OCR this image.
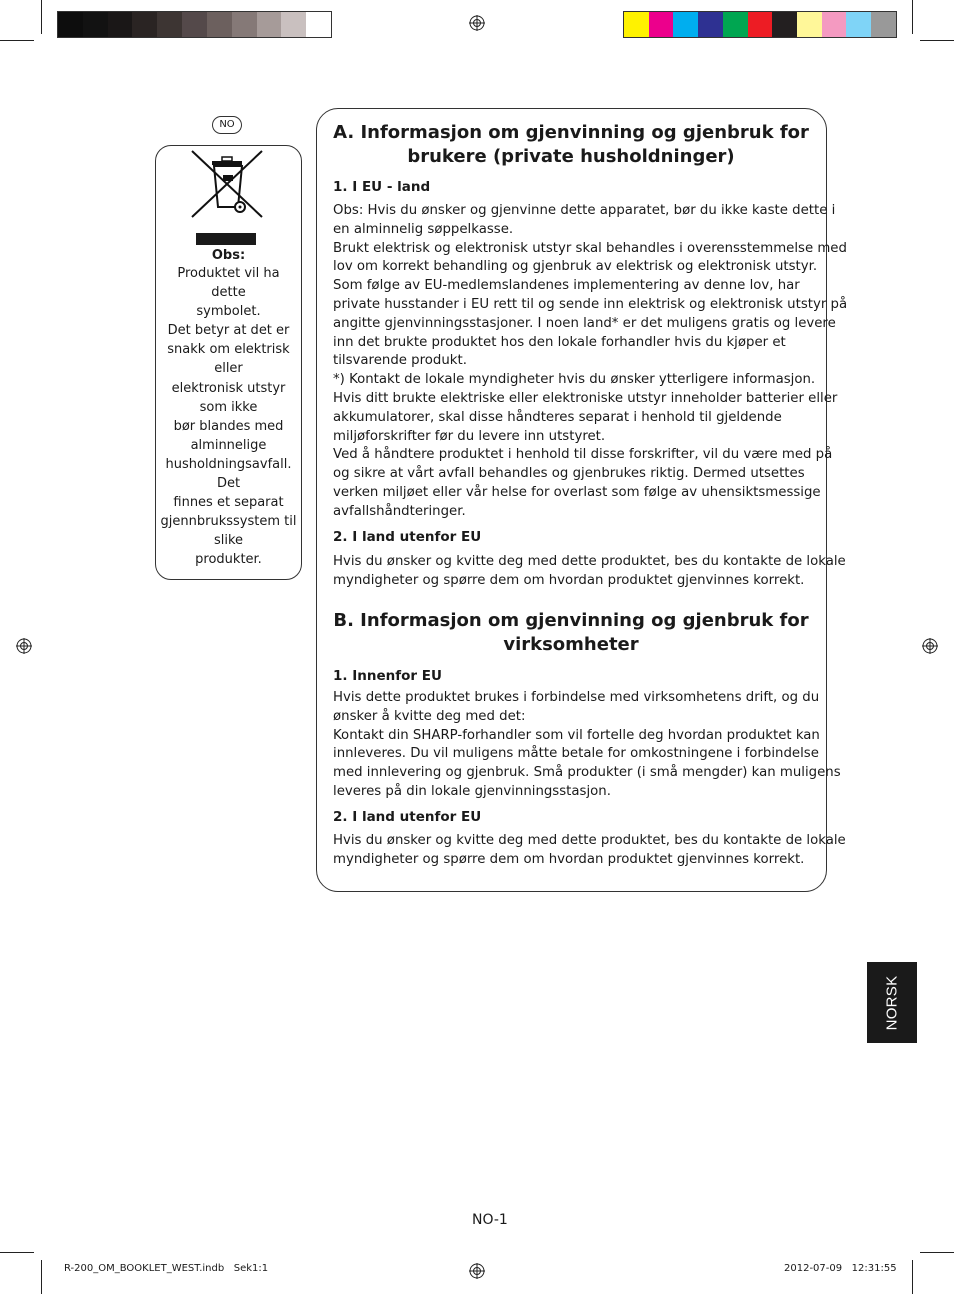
NO
Obs:
Produktet vil ha
dette
symbolet.
Det betyr at det er
snakk om elektrisk
eller
elektronisk utstyr
som ikke
bør blandes med
alminnelige
husholdningsavfall.
Det
finnes et separat
gjennbrukssystem til
slike
produkter.
A. Informasjon om gjenvinning og gjenbruk for
brukere (private husholdninger)
1. I EU - land
Obs: Hvis du ønsker og gjenvinne dette apparatet, bør du ikke kaste dette i
en alminnelig søppelkasse.
Brukt elektrisk og elektronisk utstyr skal behandles i overensstemmelse med
lov om korrekt behandling og gjenbruk av elektrisk og elektronisk utstyr.
Som følge av EU-medlemslandenes implementering av denne lov, har
private husstander i EU rett til og sende inn elektrisk og elektronisk utstyr på
angitte gjenvinningsstasjoner. I noen land* er det muligens gratis og levere
inn det brukte produktet hos den lokale forhandler hvis du kjøper et
tilsvarende produkt.
*) Kontakt de lokale myndigheter hvis du ønsker ytterligere informasjon.
Hvis ditt brukte elektriske eller elektroniske utstyr inneholder batterier eller
akkumulatorer, skal disse håndteres separat i henhold til gjeldende
miljøforskrifter før du levere inn utstyret.
Ved å håndtere produktet i henhold til disse forskrifter, vil du være med på
og sikre at vårt avfall behandles og gjenbrukes riktig. Dermed utsettes
verken miljøet eller vår helse for overlast som følge av uhensiktsmessige
avfallshåndteringer.
2. I land utenfor EU
Hvis du ønsker og kvitte deg med dette produktet, bes du kontakte de lokale
myndigheter og spørre dem om hvordan produktet gjenvinnes korrekt.
B. Informasjon om gjenvinning og gjenbruk for
virksomheter
1. Innenfor EU
Hvis dette produktet brukes i forbindelse med virksomhetens drift, og du
ønsker å kvitte deg med det:
Kontakt din SHARP-forhandler som vil fortelle deg hvordan produktet kan
innleveres. Du vil muligens måtte betale for omkostningene i forbindelse
med innlevering og gjenbruk. Små produkter (i små mengder) kan muligens
leveres på din lokale gjenvinningsstasjon.
2. I land utenfor EU
Hvis du ønsker og kvitte deg med dette produktet, bes du kontakte de lokale
myndigheter og spørre dem om hvordan produktet gjenvinnes korrekt.
NORSK
NO-1
R-200_OM_BOOKLET_WEST.indb   Sek1:1	2012-07-09   12:31:55
